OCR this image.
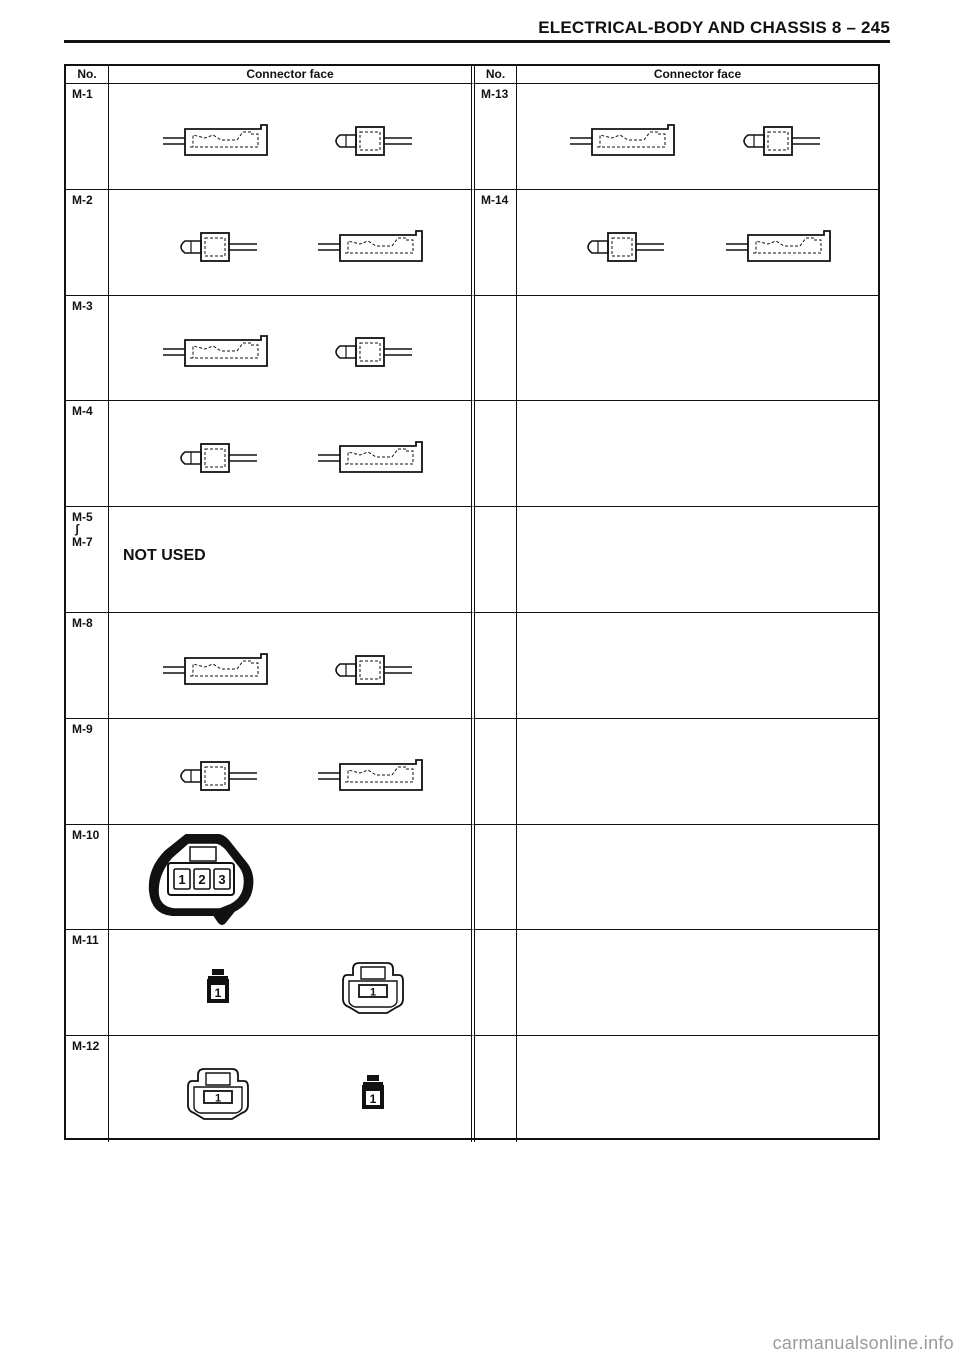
ELECTRICAL-BODY AND CHASSIS 8 – 245
No.	Connector face	No.	Connector face
M-1	M-13
M-2	M-14
M-3
M-4
M-5
ʃ
M-7
NOT USED
M-8
M-9
M-10
1 2 3
M-11
1	1
M-12
1	1
carmanualsonline.info
